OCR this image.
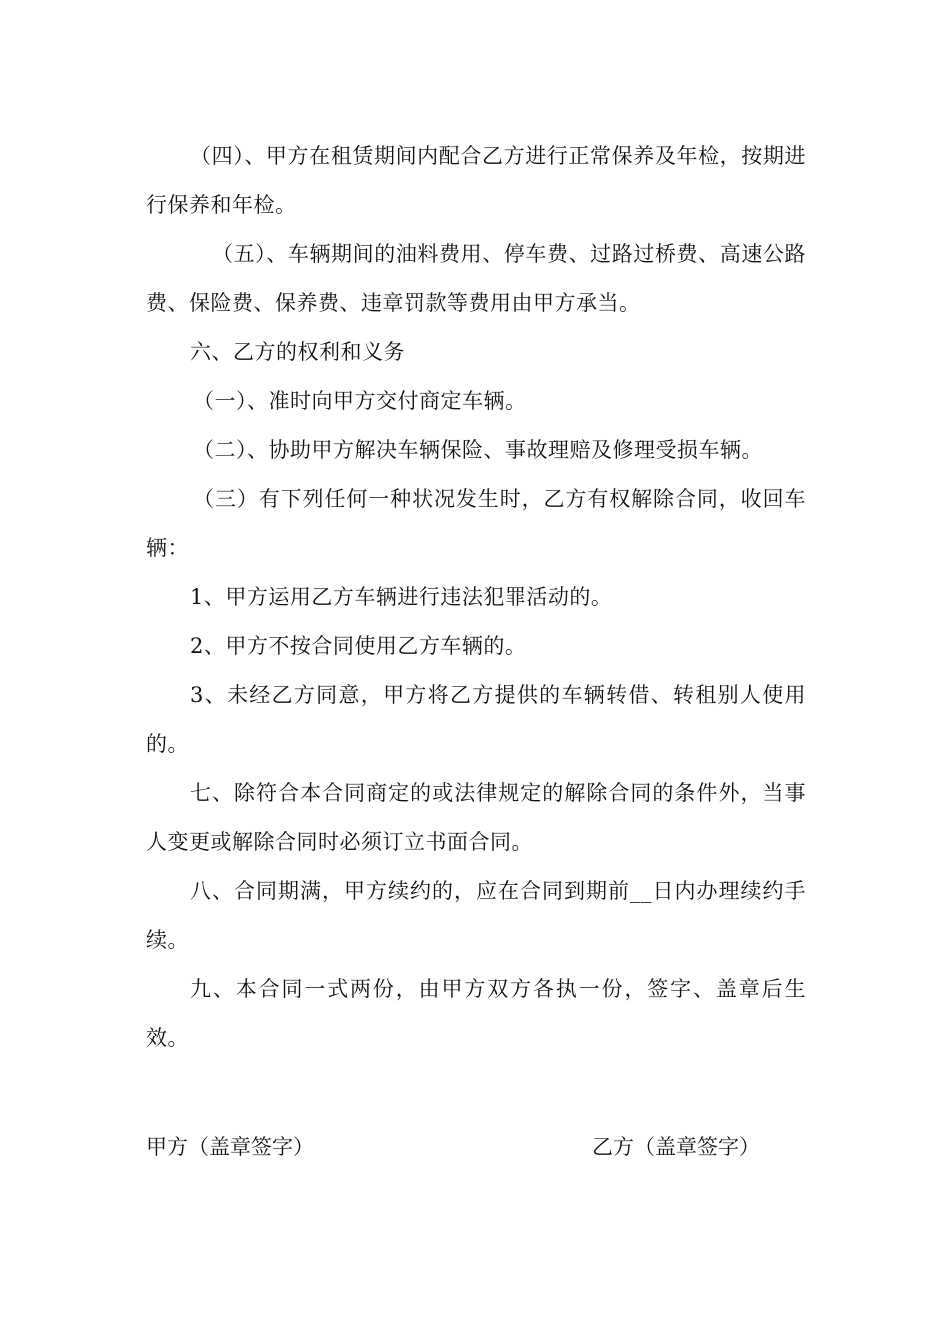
（四）、甲方在租赁期间内配合乙方进行正常保养及年检，按期进行保养和年检。

（五）、车辆期间的油料费用、停车费、过路过桥费、高速公路费、保险费、保养费、违章罚款等费用由甲方承当。

六、乙方的权利和义务

（一）、准时向甲方交付商定车辆。

（二）、协助甲方解决车辆保险、事故理赔及修理受损车辆。

（三）有下列任何一种状况发生时，乙方有权解除合同，收回车辆：

1、甲方运用乙方车辆进行违法犯罪活动的。

2、甲方不按合同使用乙方车辆的。

3、未经乙方同意，甲方将乙方提供的车辆转借、转租别人使用的。

七、除符合本合同商定的或法律规定的解除合同的条件外，当事人变更或解除合同时必须订立书面合同。

八、合同期满，甲方续约的，应在合同到期前__日内办理续约手续。

九、本合同一式两份，由甲方双方各执一份，签字、盖章后生效。

甲方（盖章签字）	乙方（盖章签字）
